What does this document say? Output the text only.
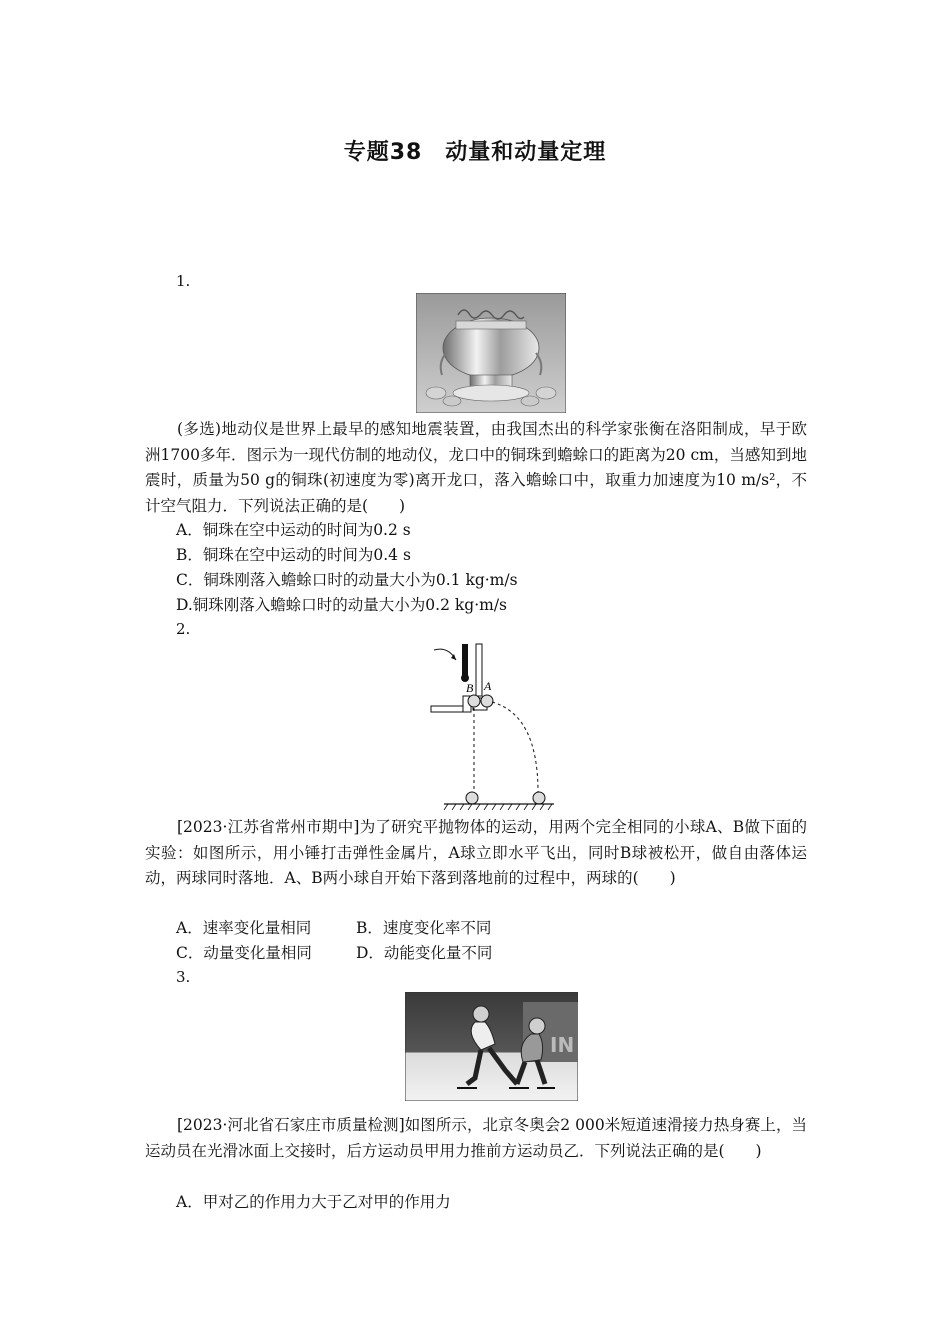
专题38　动量和动量定理
1.
(多选)地动仪是世界上最早的感知地震装置，由我国杰出的科学家张衡在洛阳制成，早于欧洲1700多年．图示为一现代仿制的地动仪，龙口中的铜珠到蟾蜍口的距离为20 cm，当感知到地震时，质量为50 g的铜珠(初速度为零)离开龙口，落入蟾蜍口中，取重力加速度为10 m/s²，不计空气阻力．下列说法正确的是(　　)
A．铜珠在空中运动的时间为0.2 s
B．铜珠在空中运动的时间为0.4 s
C．铜珠刚落入蟾蜍口时的动量大小为0.1 kg·m/s
D.铜珠刚落入蟾蜍口时的动量大小为0.2 kg·m/s
2.
B A
[2023·江苏省常州市期中]为了研究平抛物体的运动，用两个完全相同的小球A、B做下面的实验：如图所示，用小锤打击弹性金属片，A球立即水平飞出，同时B球被松开，做自由落体运动，两球同时落地．A、B两小球自开始下落到落地前的过程中，两球的(　　)
A．速率变化量相同	B．速度变化率不同
C．动量变化量相同	D．动能变化量不同
3.
IN
[2023·河北省石家庄市质量检测]如图所示，北京冬奥会2 000米短道速滑接力热身赛上，当运动员在光滑冰面上交接时，后方运动员甲用力推前方运动员乙．下列说法正确的是(　　)
A．甲对乙的作用力大于乙对甲的作用力
